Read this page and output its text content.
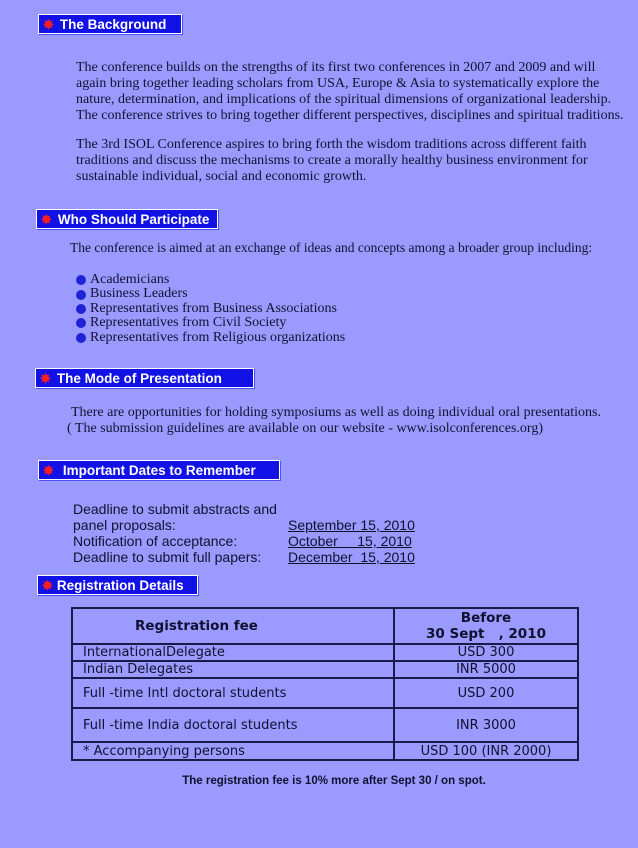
✸ The Background
The conference builds on the strengths of its first two conferences in 2007 and 2009 and will again bring together leading scholars from USA, Europe & Asia to systematically explore the nature, determination, and implications of the spiritual dimensions of organizational leadership. The conference strives to bring together different perspectives, disciplines and spiritual traditions.
The 3rd ISOL Conference aspires to bring forth the wisdom traditions across different faith traditions and discuss the mechanisms to create a morally healthy business environment for sustainable individual, social and economic growth.
✸ Who Should Participate
The conference is aimed at an exchange of ideas and concepts among a broader group including:
Academicians
Business Leaders
Representatives from Business Associations
Representatives from Civil Society
Representatives from Religious organizations
✸ The Mode of Presentation
There are opportunities for holding symposiums as well as doing individual oral presentations.
( The submission guidelines are available on our website - www.isolconferences.org)
✸ Important Dates to Remember
Deadline to submit abstracts and
panel proposals:	September 15, 2010
Notification of acceptance:	October     15, 2010
Deadline to submit full papers: December  15, 2010
✸ Registration Details
Registration fee	Before
30 Sept   , 2010

InternationalDelegate	USD 300
Indian Delegates	INR 5000
Full -time Intl doctoral students	USD 200
Full -time India doctoral students	INR 3000
* Accompanying persons	USD 100 (INR 2000)
The registration fee is 10% more after Sept 30 / on spot.
